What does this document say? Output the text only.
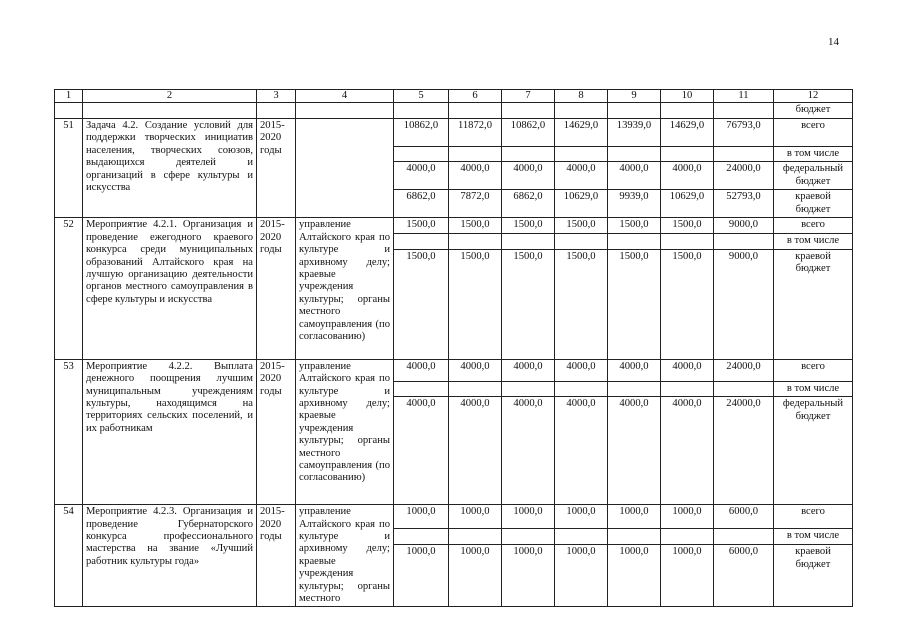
14
1	2	3	4	5	6	7	8	9	10	11	12
											бюджет
51	Задача 4.2. Создание условий для поддержки творческих инициатив населения, творческих союзов, выдающихся деятелей и организаций в сфере культуры и искусства	2015-2020 годы		10862,0	11872,0	10862,0	14629,0	13939,0	14629,0	76793,0	всего
											в том числе
				4000,0	4000,0	4000,0	4000,0	4000,0	4000,0	24000,0	федеральный бюджет
				6862,0	7872,0	6862,0	10629,0	9939,0	10629,0	52793,0	краевой бюджет
52	Мероприятие 4.2.1. Организация и проведение ежегодного краевого конкурса среди муниципальных образований Алтайского края на лучшую организацию деятельности органов местного самоуправления в сфере культуры и искусства	2015-2020 годы	управление Алтайского края по культуре и архивному делу; краевые учреждения культуры; органы местного самоуправления (по согласованию)	1500,0	1500,0	1500,0	1500,0	1500,0	1500,0	9000,0	всего
											в том числе
				1500,0	1500,0	1500,0	1500,0	1500,0	1500,0	9000,0	краевой бюджет
53	Мероприятие 4.2.2. Выплата денежного поощрения лучшим муниципальным учреждениям культуры, находящимся на территориях сельских поселений, и их работникам	2015-2020 годы	управление Алтайского края по культуре и архивному делу; краевые учреждения культуры; органы местного самоуправления (по согласованию)	4000,0	4000,0	4000,0	4000,0	4000,0	4000,0	24000,0	всего
											в том числе
				4000,0	4000,0	4000,0	4000,0	4000,0	4000,0	24000,0	федеральный бюджет
54	Мероприятие 4.2.3. Организация и проведение Губернаторского конкурса профессионального мастерства на звание «Лучший работник культуры года»	2015-2020 годы	управление Алтайского края по культуре и архивному делу; краевые учреждения культуры; органы местного	1000,0	1000,0	1000,0	1000,0	1000,0	1000,0	6000,0	всего
											в том числе
				1000,0	1000,0	1000,0	1000,0	1000,0	1000,0	6000,0	краевой бюджет
